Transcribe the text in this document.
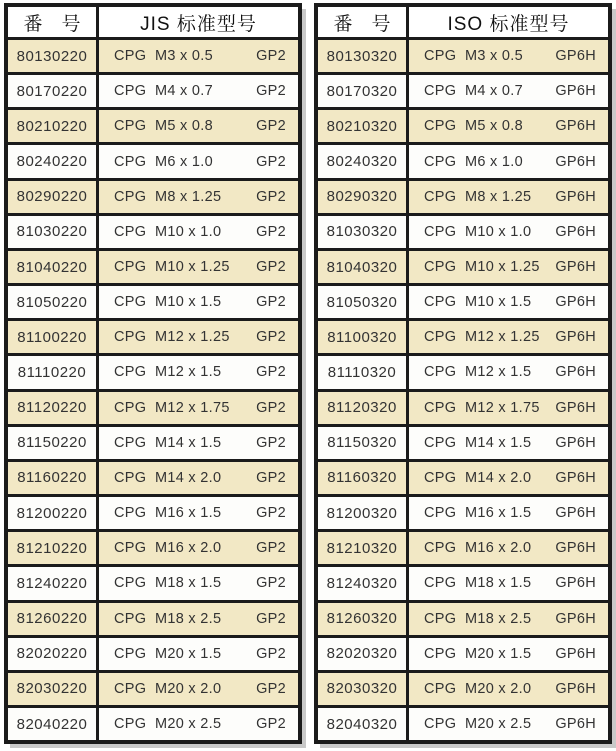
番　号	JIS 标准型号
80130220 CPG  M3 x 0.5	GP2
80170220 CPG  M4 x 0.7	GP2
80210220 CPG  M5 x 0.8	GP2
80240220 CPG  M6 x 1.0	GP2
80290220 CPG  M8 x 1.25 GP2
81030220 CPG  M10 x 1.0 GP2
81040220 CPG  M10 x 1.25 GP2
81050220 CPG  M10 x 1.5 GP2
81100220 CPG  M12 x 1.25 GP2
81110220 CPG  M12 x 1.5 GP2
81120220 CPG  M12 x 1.75 GP2
81150220 CPG  M14 x 1.5 GP2
81160220 CPG  M14 x 2.0 GP2
81200220 CPG  M16 x 1.5 GP2
81210220 CPG  M16 x 2.0 GP2
81240220 CPG  M18 x 1.5 GP2
81260220 CPG  M18 x 2.5 GP2
82020220 CPG  M20 x 1.5 GP2
82030220 CPG  M20 x 2.0 GP2
82040220 CPG  M20 x 2.5 GP2
番　号	ISO 标准型号
80130320 CPG  M3 x 0.5 GP6H
80170320 CPG  M4 x 0.7 GP6H
80210320 CPG  M5 x 0.8 GP6H
80240320 CPG  M6 x 1.0 GP6H
80290320 CPG  M8 x 1.25 GP6H
81030320 CPG  M10 x 1.0 GP6H
81040320 CPG  M10 x 1.25 GP6H
81050320 CPG  M10 x 1.5 GP6H
81100320 CPG  M12 x 1.25 GP6H
81110320 CPG  M12 x 1.5 GP6H
81120320 CPG  M12 x 1.75 GP6H
81150320 CPG  M14 x 1.5 GP6H
81160320 CPG  M14 x 2.0 GP6H
81200320 CPG  M16 x 1.5 GP6H
81210320 CPG  M16 x 2.0 GP6H
81240320 CPG  M18 x 1.5 GP6H
81260320 CPG  M18 x 2.5 GP6H
82020320 CPG  M20 x 1.5 GP6H
82030320 CPG  M20 x 2.0 GP6H
82040320 CPG  M20 x 2.5 GP6H
